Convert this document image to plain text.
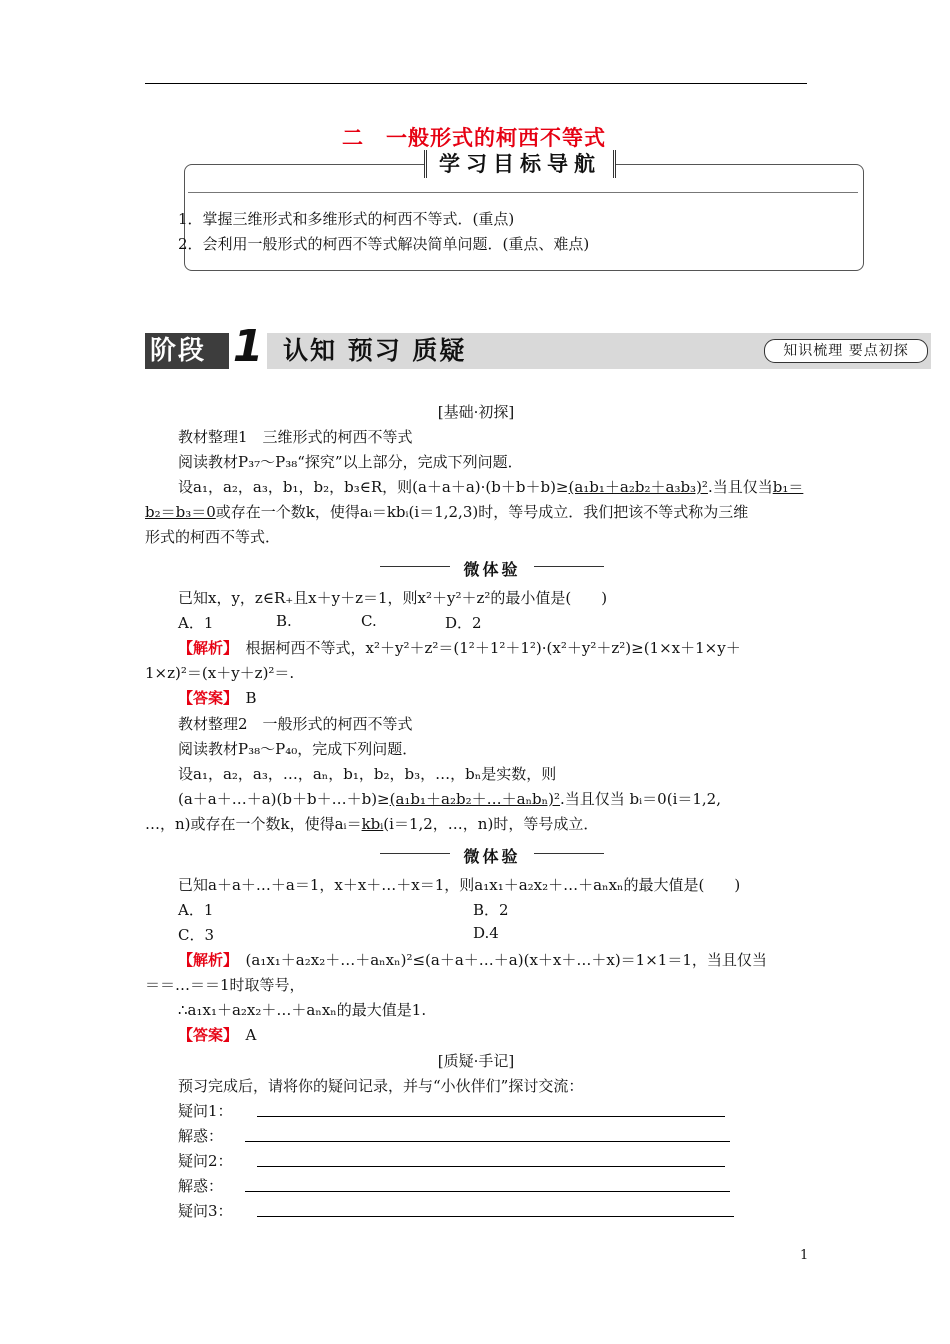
二　一般形式的柯西不等式
学习目标导航
1．掌握三维形式和多维形式的柯西不等式．(重点)
2．会利用一般形式的柯西不等式解决简单问题．(重点、难点)
阶段 1 认知 预习 质疑	知识梳理 要点初探
[基础·初探]
教材整理1　三维形式的柯西不等式
阅读教材P₃₇～P₃₈“探究”以上部分，完成下列问题．
设a₁，a₂，a₃，b₁，b₂，b₃∈R，则(a＋a＋a)·(b＋b＋b)≥(a₁b₁＋a₂b₂＋a₃b₃)².当且仅当b₁＝
b₂＝b₃＝0或存在一个数k，使得aᵢ＝kbᵢ(i＝1,2,3)时，等号成立．我们把该不等式称为三维
形式的柯西不等式．
微体验
已知x，y，z∈R₊且x＋y＋z＝1，则x²＋y²＋z²的最小值是(　　)
A．1	B.	C.	D．2
【解析】　 根据柯西不等式，x²＋y²＋z²＝(1²＋1²＋1²)·(x²＋y²＋z²)≥(1×x＋1×y＋
1×z)²＝(x＋y＋z)²＝.
【答案】　 B
教材整理2　一般形式的柯西不等式
阅读教材P₃₈～P₄₀，完成下列问题．
设a₁，a₂，a₃，…，aₙ，b₁，b₂，b₃，…，bₙ是实数，则
(a＋a＋…＋a)(b＋b＋…＋b)≥(a₁b₁＋a₂b₂＋…＋aₙbₙ)².当且仅当 bᵢ＝0(i＝1,2,
…，n)或存在一个数k，使得aᵢ＝kbᵢ(i＝1,2，…，n)时，等号成立．
微体验
已知a＋a＋…＋a＝1，x＋x＋…＋x＝1，则a₁x₁＋a₂x₂＋…＋aₙxₙ的最大值是(　　)
A．1	B．2
C．3	D.4
【解析】　 (a₁x₁＋a₂x₂＋…＋aₙxₙ)²≤(a＋a＋…＋a)(x＋x＋…＋x)＝1×1＝1，当且仅当
＝＝…＝＝1时取等号，
∴a₁x₁＋a₂x₂＋…＋aₙxₙ的最大值是1.
【答案】　 A
[质疑·手记]
预习完成后，请将你的疑问记录，并与“小伙伴们”探讨交流：
疑问1：
解惑：
疑问2：
解惑：
疑问3：
1
